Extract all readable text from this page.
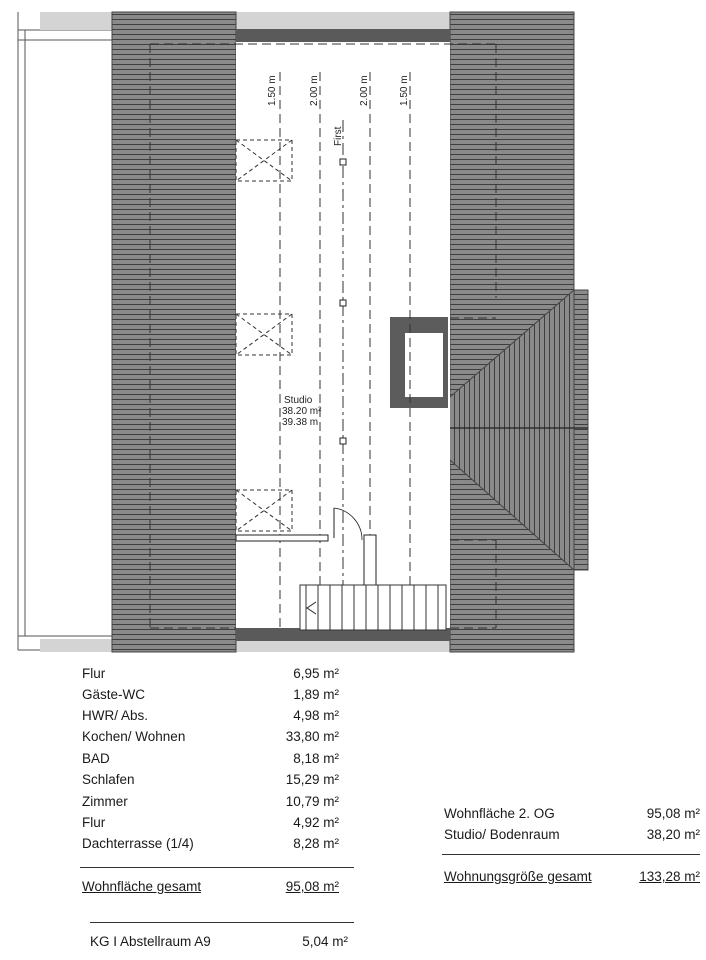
1.50 m	2.00 m	2.00 m	1.50 m
First
Studio
38.20 m²
39.38 m
Flur	6,95 m²
Gäste-WC	1,89 m²
HWR/ Abs.	4,98 m²
Kochen/ Wohnen	33,80 m²
BAD	8,18 m²
Schlafen	15,29 m²
Zimmer	10,79 m²
Flur	4,92 m²
Dachterrasse (1/4)	8,28 m²
Wohnfläche gesamt	95,08 m²
KG I Abstellraum A9	5,04 m²
Wohnfläche 2. OG	95,08 m²
Studio/ Bodenraum	38,20 m²
Wohnungsgröße gesamt	133,28 m²
